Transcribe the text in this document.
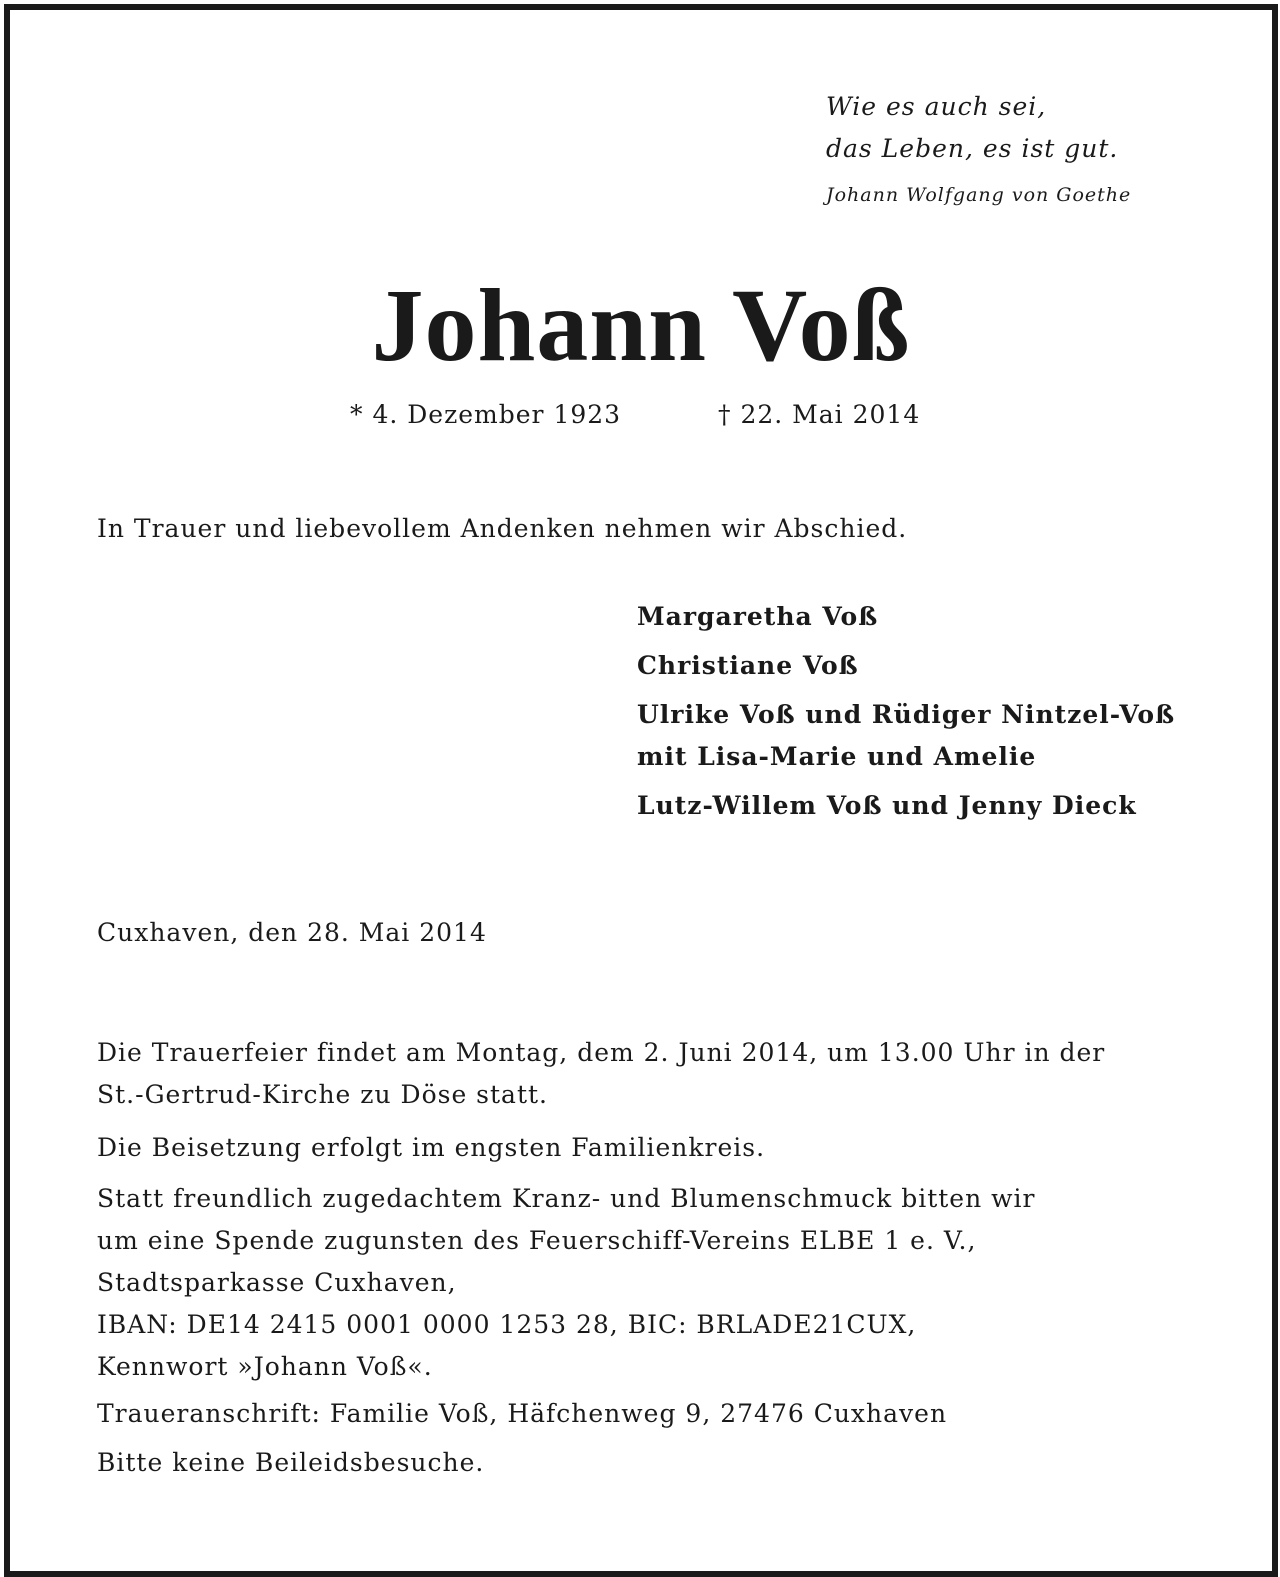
Wie es auch sei,
das Leben, es ist gut.
Johann Wolfgang von Goethe
Johann Voß
* 4. Dezember 1923	† 22. Mai 2014
In Trauer und liebevollem Andenken nehmen wir Abschied.
Margaretha Voß
Christiane Voß
Ulrike Voß und Rüdiger Nintzel-Voß
mit Lisa-Marie und Amelie
Lutz-Willem Voß und Jenny Dieck
Cuxhaven, den 28. Mai 2014
Die Trauerfeier findet am Montag, dem 2. Juni 2014, um 13.00 Uhr in der
St.-Gertrud-Kirche zu Döse statt.
Die Beisetzung erfolgt im engsten Familienkreis.
Statt freundlich zugedachtem Kranz- und Blumenschmuck bitten wir
um eine Spende zugunsten des Feuerschiff-Vereins ELBE 1 e. V.,
Stadtsparkasse Cuxhaven,
IBAN: DE14 2415 0001 0000 1253 28, BIC: BRLADE21CUX,
Kennwort »Johann Voß«.
Traueranschrift: Familie Voß, Häfchenweg 9, 27476 Cuxhaven
Bitte keine Beileidsbesuche.
